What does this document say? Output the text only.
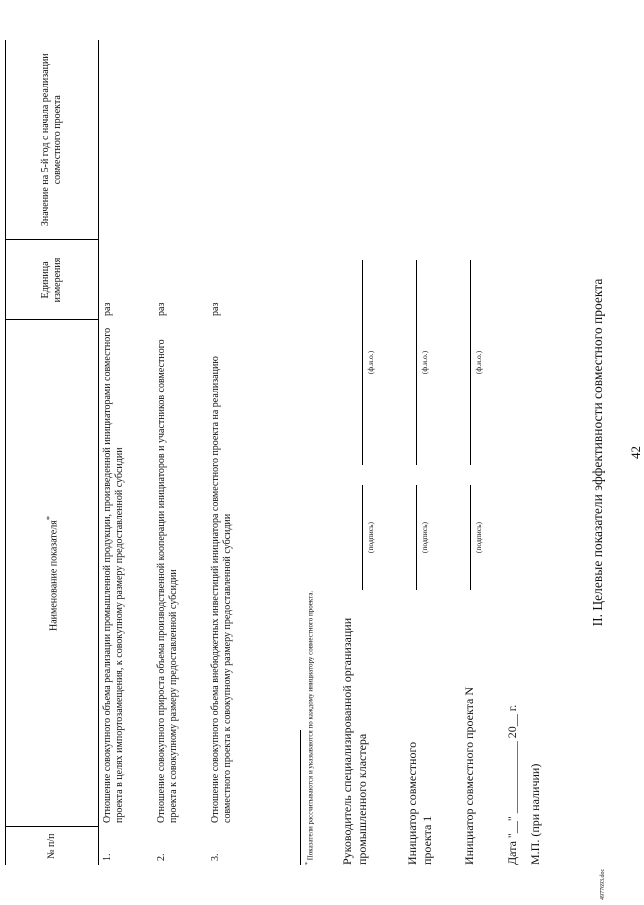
42
II. Целевые показатели эффективности совместного проекта
№ п/п	Наименование показателя*	Единица измерения	Значение на 5-й год с начала реализации совместного проекта
1.	Отношение совокупного объема реализации промышленной продукции, произведенной инициаторами совместного проекта в целях импортозамещения, к совокупному размеру предоставленной субсидии	раз	
2.	Отношение совокупного прироста объема производственной кооперации инициаторов и участников совместного проекта к совокупному размеру предоставленной субсидии	раз	
3.	Отношение совокупного объема внебюджетных инвестиций инициатора совместного проекта на реализацию совместного проекта к совокупному размеру предоставленной субсидии	раз	
* Показатели рассчитываются и указываются по каждому инициатору совместного проекта. Руководитель специализированной организации промышленного кластера
(подпись)
(ф.и.о.)
Инициатор совместного проекта 1
(подпись)
(ф.и.о.)
Инициатор совместного проекта N
(подпись)
(ф.и.о.)
Дата "__" ____________ 20__ г. М.П. (при наличии)
4977693.doc
